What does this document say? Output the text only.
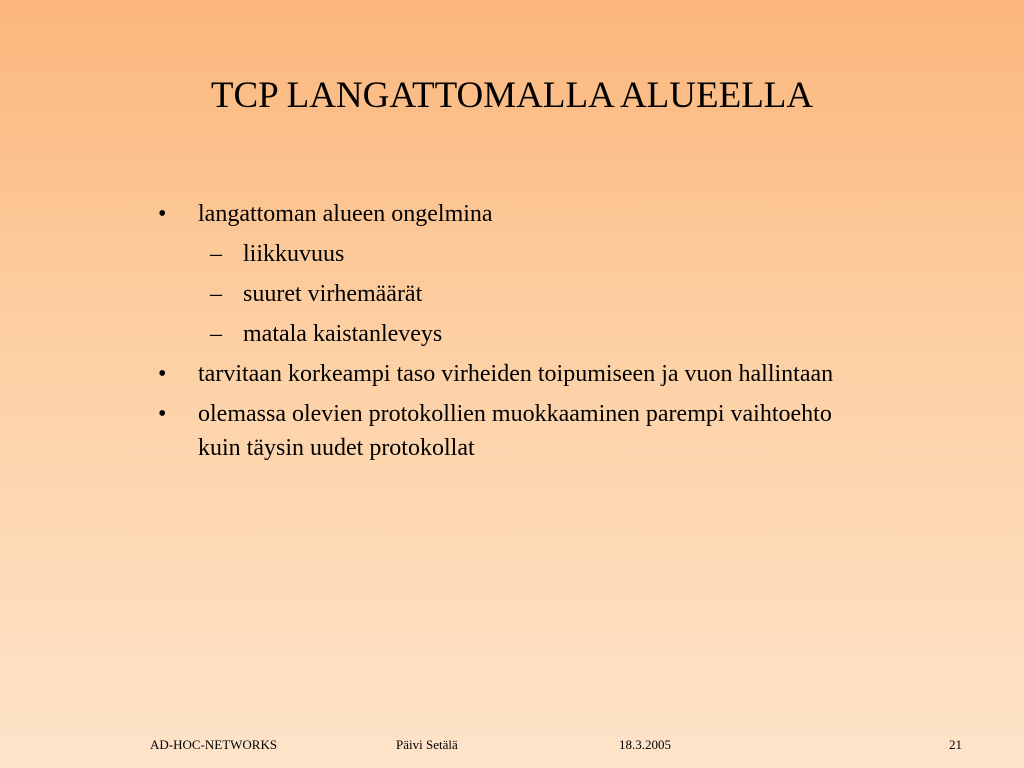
TCP LANGATTOMALLA ALUEELLA
• langattoman alueen ongelmina
– liikkuvuus
– suuret virhemäärät
– matala kaistanleveys
• tarvitaan korkeampi taso virheiden toipumiseen ja vuon hallintaan
• olemassa olevien protokollien muokkaaminen parempi vaihtoehto kuin täysin uudet protokollat
AD-HOC-NETWORKS	Päivi Setälä	18.3.2005	21
